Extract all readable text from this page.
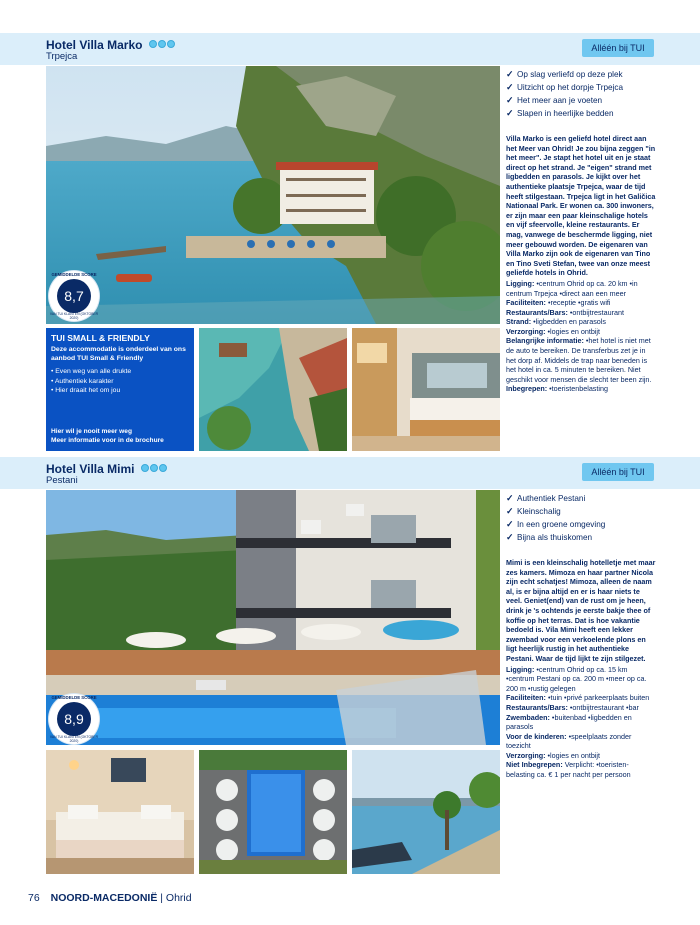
Hotel Villa Marko
Trpejca
Alléén bij TUI
GEMIDDELDE SCORE
8,7
VAN TUI KLANTEN (OKTOBER 2020)
TUI SMALL & FRIENDLY
Deze accommodatie is onderdeel van ons aanbod TUI Small & Friendly
• Even weg van alle drukte
• Authentiek karakter
• Hier draait het om jou
Hier wil je nooit meer weg
Meer informatie voor in de brochure
✓ Op slag verliefd op deze plek
✓ Uitzicht op het dorpje Trpejca
✓ Het meer aan je voeten
✓ Slapen in heerlijke bedden
Villa Marko is een geliefd hotel direct aan het Meer van Ohrid! Je zou bijna zeggen "in het meer". Je stapt het hotel uit en je staat direct op het strand. Je "eigen" strand met ligbedden en parasols. Je kijkt over het authentieke plaatsje Trpejca, waar de tijd heeft stilgestaan. Trpejca ligt in het Galičica Nationaal Park. Er wonen ca. 300 inwoners, er zijn maar een paar kleinschalige hotels en vijf sfeervolle, kleine restaurants. Er mag, vanwege de beschermde ligging, niet meer gebouwd worden. De eigenaren van Villa Marko zijn ook de eigenaren van Tino en Tino Sveti Stefan, twee van onze meest geliefde hotels in Ohrid.
Ligging: •centrum Ohrid op ca. 20 km •in centrum Trpejca •direct aan een meer
Faciliteiten: •receptie •gratis wifi
Restaurants/Bars: •ontbijtrestaurant
Strand: •ligbedden en parasols
Verzorging: •logies en ontbijt
Belangrijke informatie: •het hotel is niet met de auto te bereiken. De transferbus zet je in het dorp af. Middels de trap naar beneden is het hotel in ca. 5 minuten te bereiken. Niet geschikt voor mensen die slecht ter been zijn.
Inbegrepen: •toeristenbelasting
Hotel Villa Mimi
Pestani
Alléén bij TUI
GEMIDDELDE SCORE
8,9
VAN TUI KLANTEN (OKTOBER 2020)
✓ Authentiek Pestani
✓ Kleinschalig
✓ In een groene omgeving
✓ Bijna als thuiskomen
Mimi is een kleinschalig hotelletje met maar zes kamers. Mimoza en haar partner Nicola zijn echt schatjes! Mimoza, alleen de naam al, is er bijna altijd en er is haar niets te veel. Geniet(end) van de rust om je heen, drink je 's ochtends je eerste bakje thee of koffie op het terras. Dat is hoe vakantie bedoeld is. Vila Mimi heeft een lekker zwembad voor een verkoelende plons en ligt heerlijk rustig in het authentieke Pestani. Waar de tijd lijkt te zijn stilgezet.
Ligging: •centrum Ohrid op ca. 15 km •centrum Pestani op ca. 200 m •meer op ca. 200 m •rustig gelegen
Faciliteiten: •tuin •privé parkeerplaats buiten
Restaurants/Bars: •ontbijtrestaurant •bar
Zwembaden: •buitenbad •ligbedden en parasols
Voor de kinderen: •speelplaats zonder toezicht
Verzorging: •logies en ontbijt
Niet Inbegrepen: Verplicht: •toeristen-belasting ca. € 1 per nacht per persoon
76 NOORD-MACEDONIË | Ohrid
